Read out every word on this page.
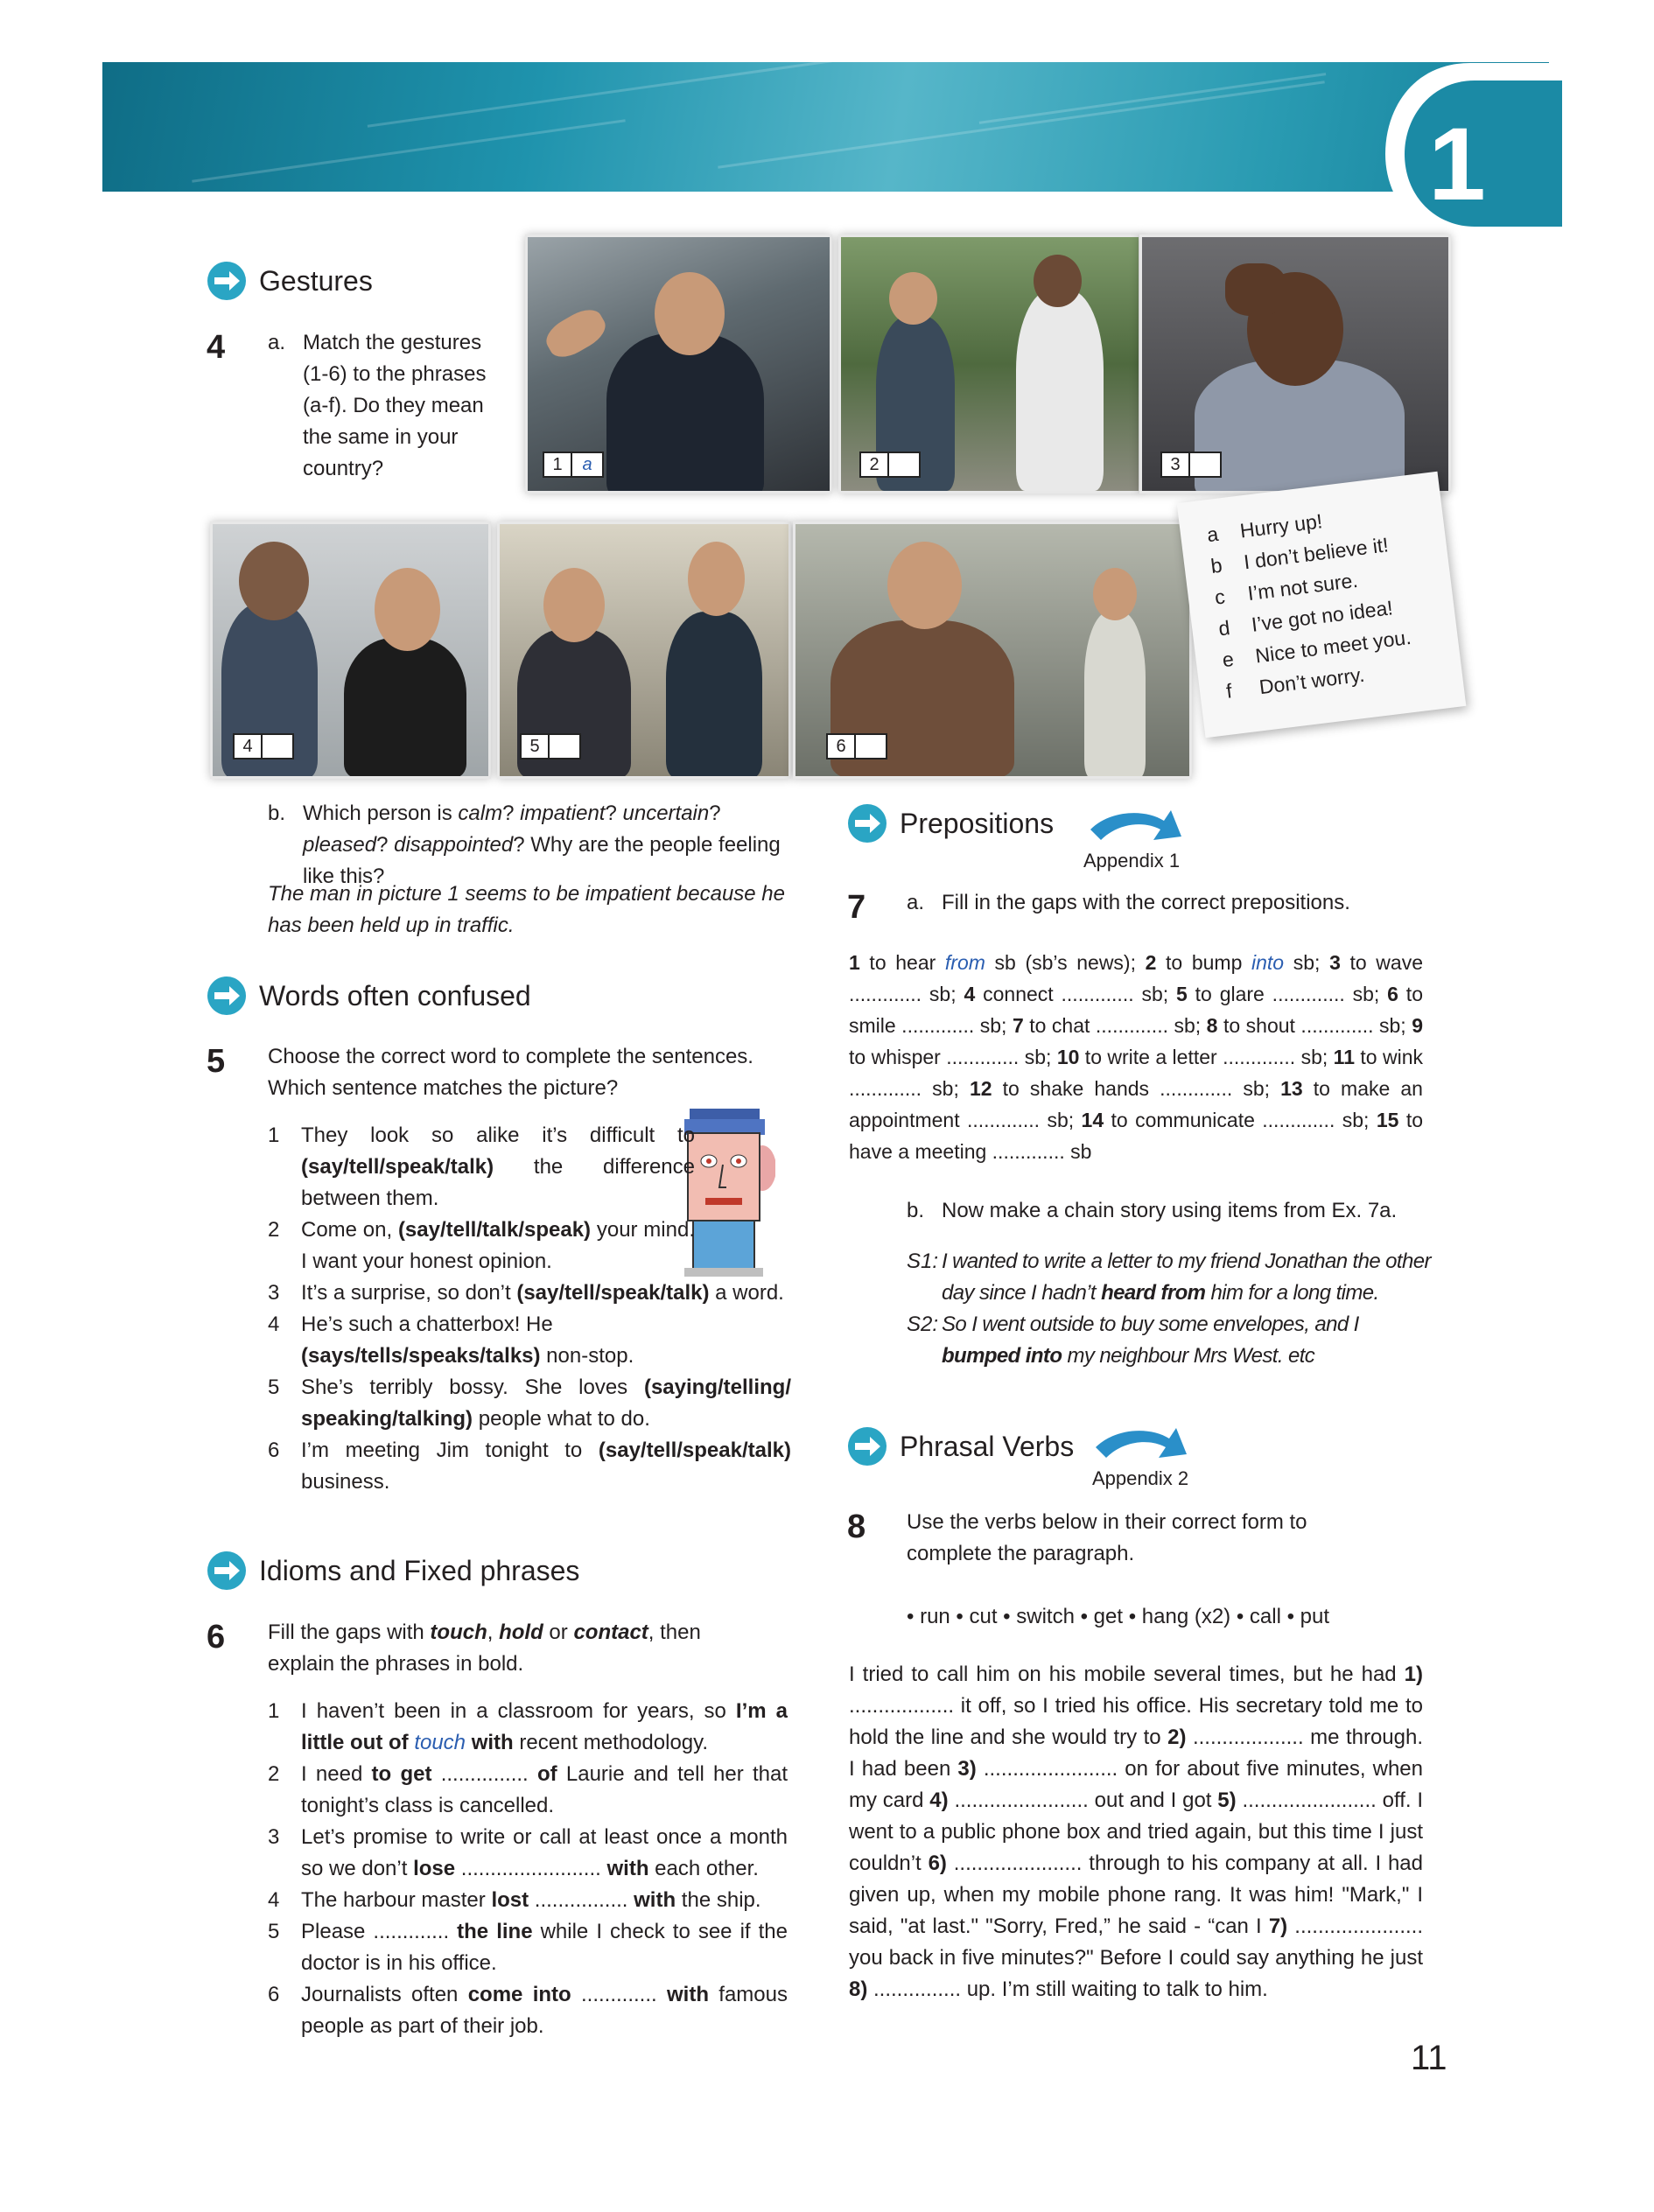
1
Gestures
4 a. Match the gestures (1-6) to the phrases (a-f). Do they mean the same in your country?	1	a	2	3
4	5	6
a Hurry up!
b I don’t believe it!
c I’m not sure.
d I’ve got no idea!
e Nice to meet you.
f	Don’t worry.
b. Which person is calm? impatient? uncertain? pleased? disappointed? Why are the people feeling like this?
The man in picture 1 seems to be impatient because he has been held up in traffic.
Words often confused
5 Choose the correct word to complete the sentences. Which sentence matches the picture?
1 They look so alike it’s difficult to (say/tell/speak/talk) the difference between them.
2 Come on, (say/tell/talk/speak) your mind. I want your honest opinion.
3 It’s a surprise, so don’t (say/tell/speak/talk) a word.
4 He’s such a chatterbox! He (says/tells/speaks/talks) non-stop.
5 She’s terribly bossy. She loves (saying/telling/ speaking/talking) people what to do.
6 I’m meeting Jim tonight to (say/tell/speak/talk) business.
Idioms and Fixed phrases
6 Fill the gaps with touch, hold or contact, then explain the phrases in bold.
1 I haven’t been in a classroom for years, so I’m a little out of touch with recent methodology.
2 I need to get ............... of Laurie and tell her that tonight’s class is cancelled.
3 Let’s promise to write or call at least once a month so we don’t lose ........................ with each other.
4 The harbour master lost ................ with the ship.
5 Please ............. the line while I check to see if the doctor is in his office.
6 Journalists often come into ............. with famous people as part of their job.
Prepositions
Appendix 1
7 a. Fill in the gaps with the correct prepositions.
1 to hear from sb (sb’s news); 2 to bump into sb; 3 to wave ............. sb; 4 connect ............. sb; 5 to glare ............. sb; 6 to smile ............. sb; 7 to chat ............. sb; 8 to shout ............. sb; 9 to whisper ............. sb; 10 to write a letter ............. sb; 11 to wink ............. sb; 12 to shake hands ............. sb; 13 to make an appointment ............. sb; 14 to communicate ............. sb; 15 to have a meeting ............. sb
b. Now make a chain story using items from Ex. 7a.
S1: I wanted to write a letter to my friend Jonathan the other day since I hadn’t heard from him for a long time.
S2: So I went outside to buy some envelopes, and I bumped into my neighbour Mrs West. etc
Phrasal Verbs
Appendix 2
8 Use the verbs below in their correct form to complete the paragraph.
• run • cut • switch • get • hang (x2) • call • put
I tried to call him on his mobile several times, but he had 1) .................. it off, so I tried his office. His secretary told me to hold the line and she would try to 2) ................... me through. I had been 3) ....................... on for about five minutes, when my card 4) ....................... out and I got 5) ....................... off. I went to a public phone box and tried again, but this time I just couldn’t 6) ...................... through to his company at all. I had given up, when my mobile phone rang. It was him! "Mark," I said, "at last." "Sorry, Fred,” he said - “can I 7) ...................... you back in five minutes?" Before I could say anything he just 8) ............... up. I’m still waiting to talk to him.
11
